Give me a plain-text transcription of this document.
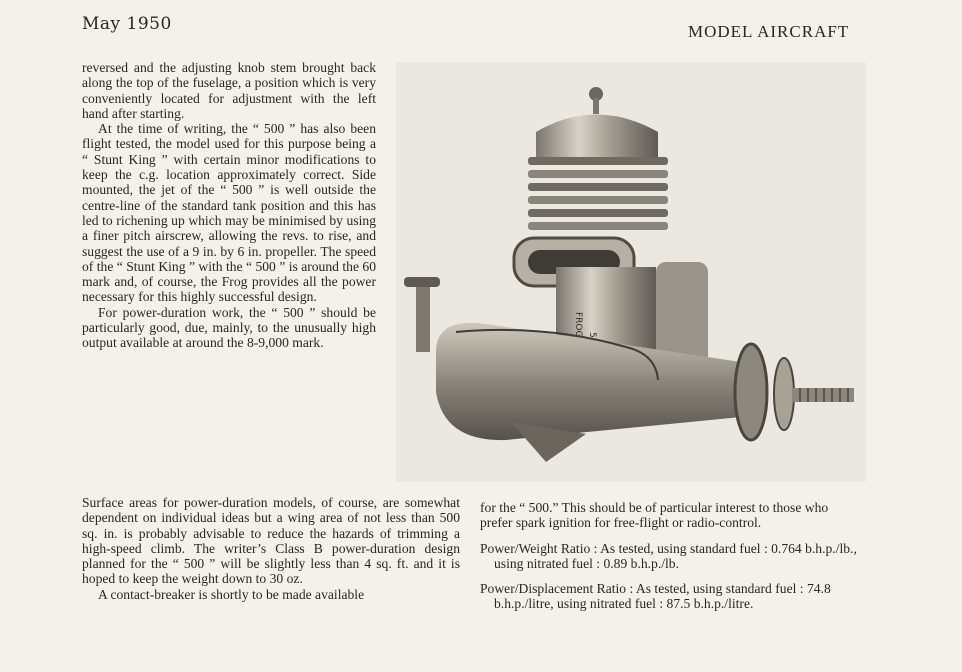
May 1950	MODEL AIRCRAFT

reversed and the adjusting knob stem brought back along the top of the fuselage, a position which is very conveniently located for adjustment with the left hand after starting.

At the time of writing, the “ 500 ” has also been flight tested, the model used for this purpose being a “ Stunt King ” with certain minor modifications to keep the c.g. location approximately correct. Side mounted, the jet of the “ 500 ” is well outside the centre-line of the standard tank position and this has led to richening up which may be minimised by using a finer pitch airscrew, allowing the revs. to rise, and suggest the use of a 9 in. by 6 in. propeller. The speed of the “ Stunt King ” with the “ 500 ” is around the 60 mark and, of course, the Frog provides all the power necessary for this highly successful design.

For power-duration work, the “ 500 ” should be particularly good, due, mainly, to the unusually high output available at around the 8-9,000 mark.

Surface areas for power-duration models, of course, are somewhat dependent on individual ideas but a wing area of not less than 500 sq. in. is probably advisable to reduce the hazards of trimming a high-speed climb. The writer’s Class B power-duration design planned for the “ 500 ” will be slightly less than 4 sq. ft. and it is hoped to keep the weight down to 30 oz.

A contact-breaker is shortly to be made available

FROG

for the “ 500.” This should be of particular interest to those who prefer spark ignition for free-flight or radio-control.

Power/Weight Ratio : As tested, using standard fuel : 0.764 b.h.p./lb., using nitrated fuel : 0.89 b.h.p./lb.

Power/Displacement Ratio : As tested, using standard fuel : 74.8 b.h.p./litre, using nitrated fuel : 87.5 b.h.p./litre.
